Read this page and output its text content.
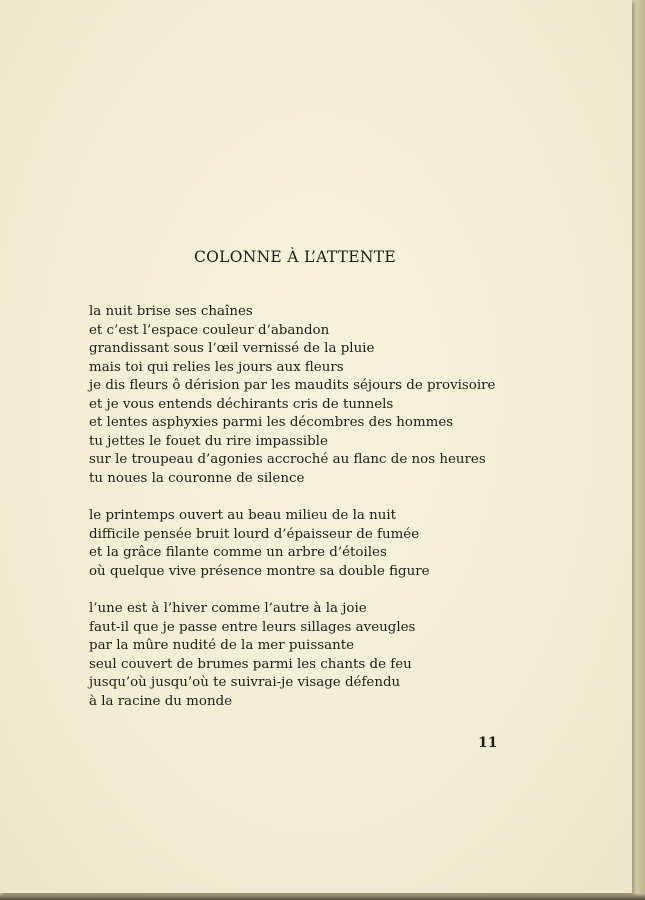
COLONNE À L’ATTENTE
la nuit brise ses chaînes
et c’est l’espace couleur d’abandon
grandissant sous l’œil vernissé de la pluie
mais toi qui relies les jours aux fleurs
je dis fleurs ô dérision par les maudits séjours de provisoire
et je vous entends déchirants cris de tunnels
et lentes asphyxies parmi les décombres des hommes
tu jettes le fouet du rire impassible
sur le troupeau d’agonies accroché au flanc de nos heures
tu noues la couronne de silence
le printemps ouvert au beau milieu de la nuit
difficile pensée bruit lourd d’épaisseur de fumée
et la grâce filante comme un arbre d’étoiles
où quelque vive présence montre sa double figure
l’une est à l’hiver comme l’autre à la joie
faut-il que je passe entre leurs sillages aveugles
par la mûre nudité de la mer puissante
seul couvert de brumes parmi les chants de feu
jusqu’où jusqu’où te suivrai-je visage défendu
à la racine du monde
11
